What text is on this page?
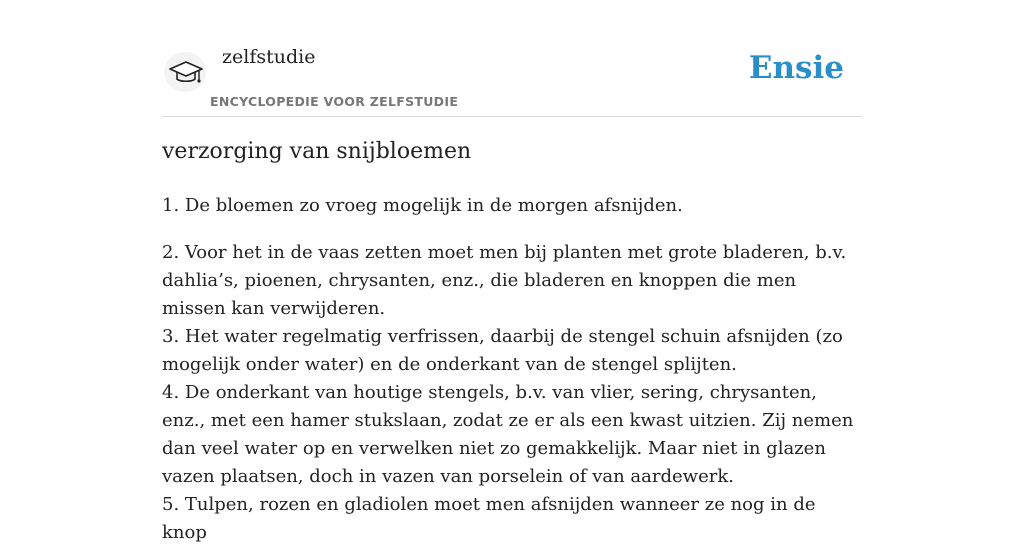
zelfstudie
ENCYCLOPEDIE VOOR ZELFSTUDIE
Ensie
verzorging van snijbloemen

1. De bloemen zo vroeg mogelijk in de morgen afsnijden.

2. Voor het in de vaas zetten moet men bij planten met grote bladeren, b.v. dahlia’s, pioenen, chrysanten, enz., die bladeren en knoppen die men missen kan verwijderen.

3. Het water regelmatig verfrissen, daarbij de stengel schuin afsnijden (zo mogelijk onder water) en de onderkant van de stengel splijten.

4. De onderkant van houtige stengels, b.v. van vlier, sering, chrysanten, enz., met een hamer stukslaan, zodat ze er als een kwast uitzien. Zij nemen dan veel water op en verwelken niet zo gemakkelijk. Maar niet in glazen vazen plaatsen, doch in vazen van porselein of van aardewerk.

5. Tulpen, rozen en gladiolen moet men afsnijden wanneer ze nog in de knop
